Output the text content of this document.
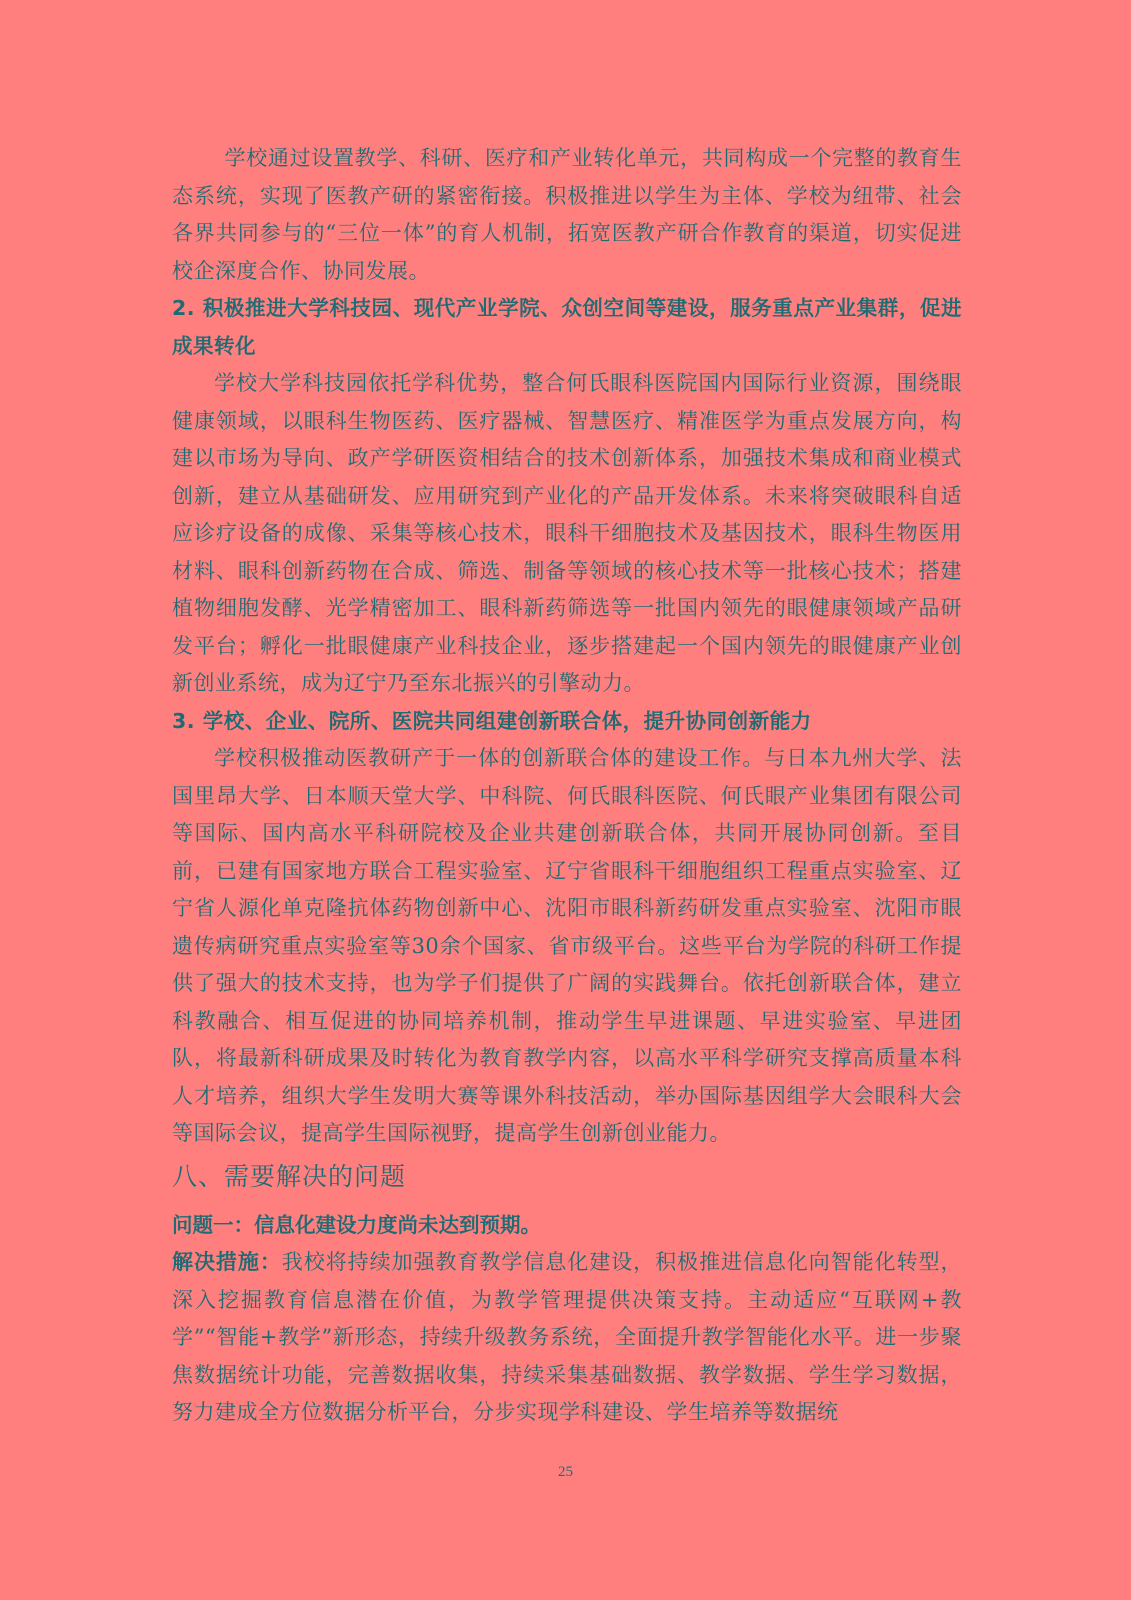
学校通过设置教学、科研、医疗和产业转化单元，共同构成一个完整的教育生态系统，实现了医教产研的紧密衔接。积极推进以学生为主体、学校为纽带、社会各界共同参与的“三位一体”的育人机制，拓宽医教产研合作教育的渠道，切实促进校企深度合作、协同发展。

2. 积极推进大学科技园、现代产业学院、众创空间等建设，服务重点产业集群，促进成果转化

学校大学科技园依托学科优势，整合何氏眼科医院国内国际行业资源，围绕眼健康领域，以眼科生物医药、医疗器械、智慧医疗、精准医学为重点发展方向，构建以市场为导向、政产学研医资相结合的技术创新体系，加强技术集成和商业模式创新，建立从基础研发、应用研究到产业化的产品开发体系。未来将突破眼科自适应诊疗设备的成像、采集等核心技术，眼科干细胞技术及基因技术，眼科生物医用材料、眼科创新药物在合成、筛选、制备等领域的核心技术等一批核心技术；搭建植物细胞发酵、光学精密加工、眼科新药筛选等一批国内领先的眼健康领域产品研发平台；孵化一批眼健康产业科技企业，逐步搭建起一个国内领先的眼健康产业创新创业系统，成为辽宁乃至东北振兴的引擎动力。

3. 学校、企业、院所、医院共同组建创新联合体，提升协同创新能力

学校积极推动医教研产于一体的创新联合体的建设工作。与日本九州大学、法国里昂大学、日本顺天堂大学、中科院、何氏眼科医院、何氏眼产业集团有限公司等国际、国内高水平科研院校及企业共建创新联合体，共同开展协同创新。至目前，已建有国家地方联合工程实验室、辽宁省眼科干细胞组织工程重点实验室、辽宁省人源化单克隆抗体药物创新中心、沈阳市眼科新药研发重点实验室、沈阳市眼遗传病研究重点实验室等30余个国家、省市级平台。这些平台为学院的科研工作提供了强大的技术支持，也为学子们提供了广阔的实践舞台。依托创新联合体，建立科教融合、相互促进的协同培养机制，推动学生早进课题、早进实验室、早进团队，将最新科研成果及时转化为教育教学内容，以高水平科学研究支撑高质量本科人才培养，组织大学生发明大赛等课外科技活动，举办国际基因组学大会眼科大会等国际会议，提高学生国际视野，提高学生创新创业能力。

八、需要解决的问题

问题一：信息化建设力度尚未达到预期。

解决措施：我校将持续加强教育教学信息化建设，积极推进信息化向智能化转型，深入挖掘教育信息潜在价值，为教学管理提供决策支持。主动适应“互联网+教学”“智能+教学”新形态，持续升级教务系统，全面提升教学智能化水平。进一步聚焦数据统计功能，完善数据收集，持续采集基础数据、教学数据、学生学习数据，努力建成全方位数据分析平台，分步实现学科建设、学生培养等数据统

25
